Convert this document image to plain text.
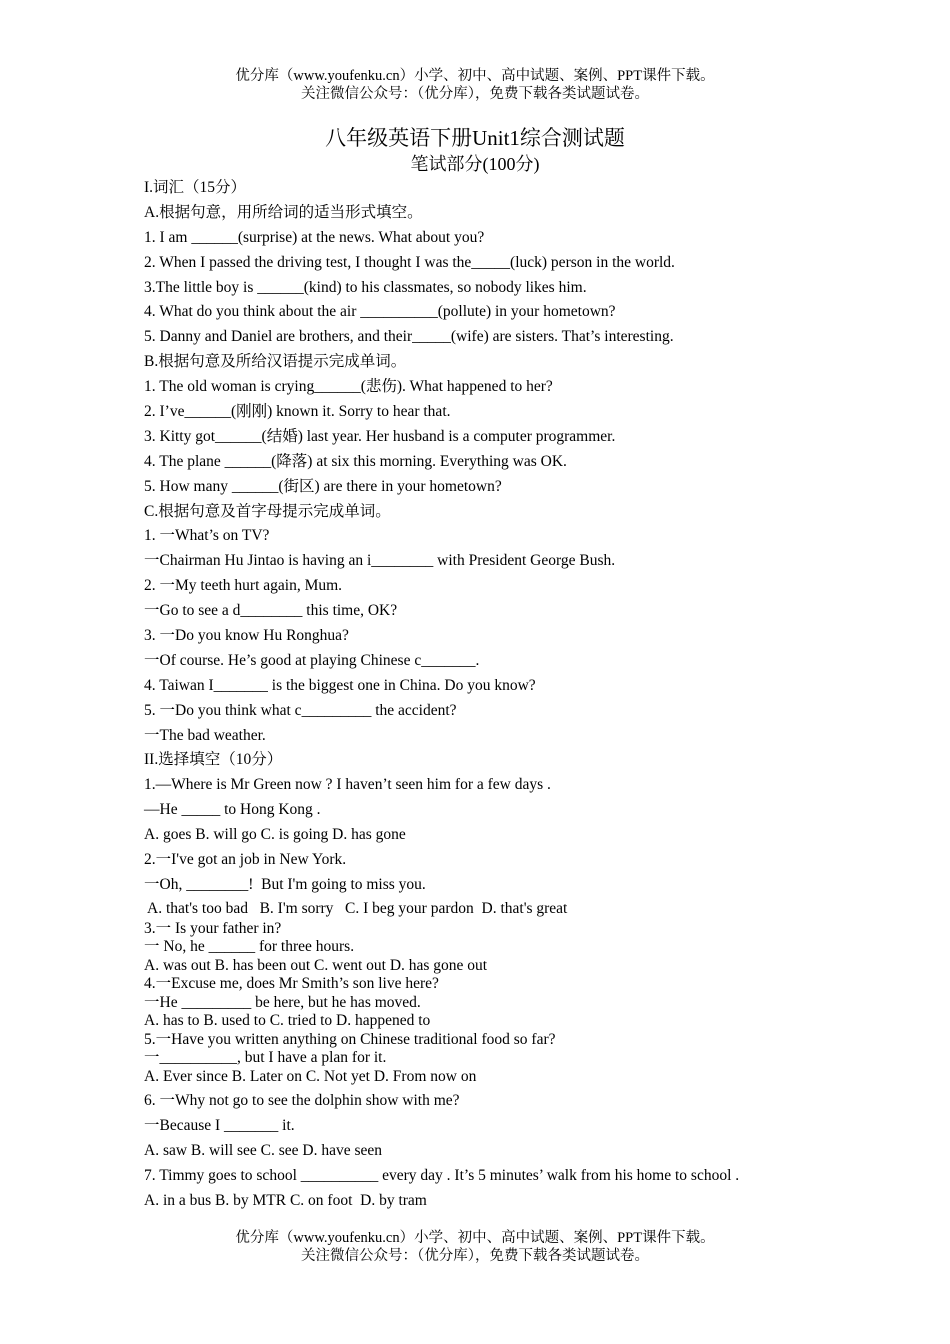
优分库（www.youfenku.cn）小学、初中、高中试题、案例、PPT课件下载。
关注微信公众号：（优分库），免费下载各类试题试卷。
八年级英语下册Unit1综合测试题
笔试部分(100分)
I.词汇（15分）
A.根据句意，用所给词的适当形式填空。
1. I am ______(surprise) at the news. What about you?
2. When I passed the driving test, I thought I was the_____(luck) person in the world.
3.The little boy is ______(kind) to his classmates, so nobody likes him.
4. What do you think about the air __________(pollute) in your hometown?
5. Danny and Daniel are brothers, and their_____(wife) are sisters. That’s interesting.
B.根据句意及所给汉语提示完成单词。
1. The old woman is crying______(悲伤). What happened to her?
2. I’ve______(刚刚) known it. Sorry to hear that.
3. Kitty got______(结婚) last year. Her husband is a computer programmer.
4. The plane ______(降落) at six this morning. Everything was OK.
5. How many ______(街区) are there in your hometown?
C.根据句意及首字母提示完成单词。
1. 一What’s on TV?
一Chairman Hu Jintao is having an i________ with President George Bush.
2. 一My teeth hurt again, Mum.
一Go to see a d________ this time, OK?
3. 一Do you know Hu Ronghua?
一Of course. He’s good at playing Chinese c_______.
4. Taiwan I_______ is the biggest one in China. Do you know?
5. 一Do you think what c_________ the accident?
一The bad weather.
II.选择填空（10分）
1.—Where is Mr Green now ? I haven’t seen him for a few days .
—He _____ to Hong Kong .
A. goes B. will go C. is going D. has gone
2.一I've got an job in New York.
一Oh, ________!  But I'm going to miss you.
A. that's too bad   B. I'm sorry   C. I beg your pardon  D. that's great
3.一 Is your father in?
一 No, he ______ for three hours.
A. was out B. has been out C. went out D. has gone out
4.一Excuse me, does Mr Smith’s son live here?
一He _________ be here, but he has moved.
A. has to B. used to C. tried to D. happened to
5.一Have you written anything on Chinese traditional food so far?
一__________, but I have a plan for it.
A. Ever since B. Later on C. Not yet D. From now on
6. 一Why not go to see the dolphin show with me?
一Because I _______ it.
A. saw B. will see C. see D. have seen
7. Timmy goes to school __________ every day . It’s 5 minutes’ walk from his home to school .
A. in a bus B. by MTR C. on foot  D. by tram
优分库（www.youfenku.cn）小学、初中、高中试题、案例、PPT课件下载。
关注微信公众号：（优分库），免费下载各类试题试卷。
